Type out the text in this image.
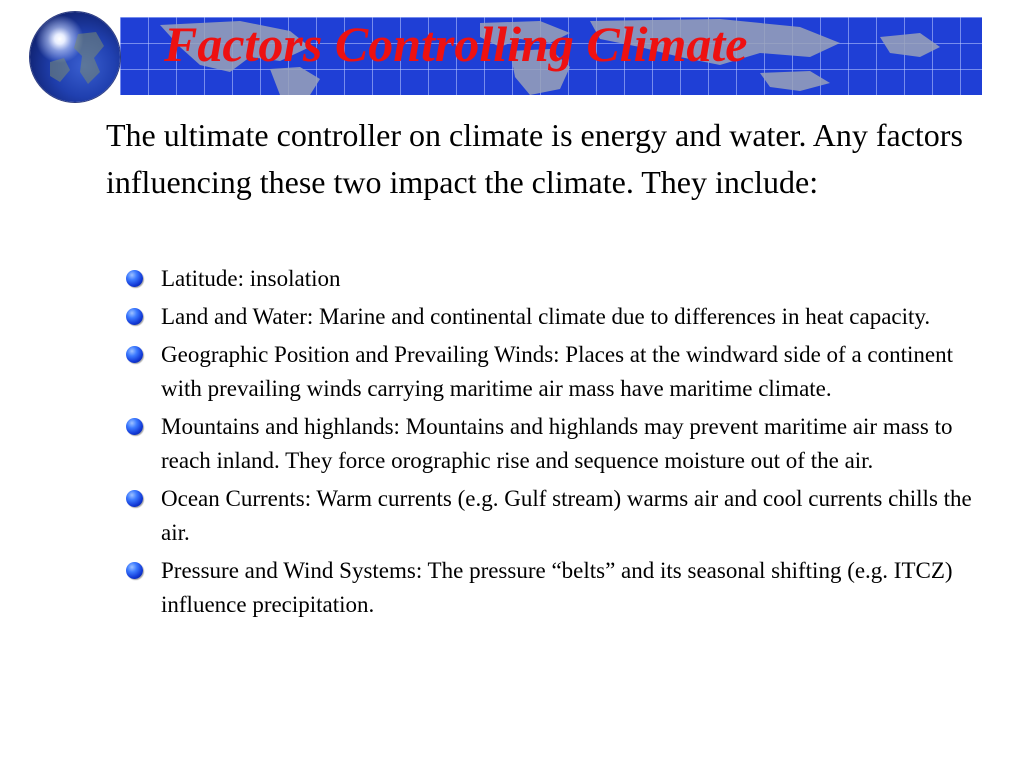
Factors Controlling Climate

The ultimate controller on climate is energy and water. Any factors influencing these two impact the climate. They include:

Latitude: insolation
Land and Water: Marine and continental climate due to differences in heat capacity.
Geographic Position and Prevailing Winds: Places at the windward side of a continent with prevailing winds carrying maritime air mass have maritime climate.
Mountains and highlands: Mountains and highlands may prevent maritime air mass to reach inland. They force orographic rise and sequence moisture out of the air.
Ocean Currents: Warm currents (e.g. Gulf stream) warms air and cool currents chills the air.
Pressure and Wind Systems: The pressure “belts” and its seasonal shifting (e.g. ITCZ) influence precipitation.
